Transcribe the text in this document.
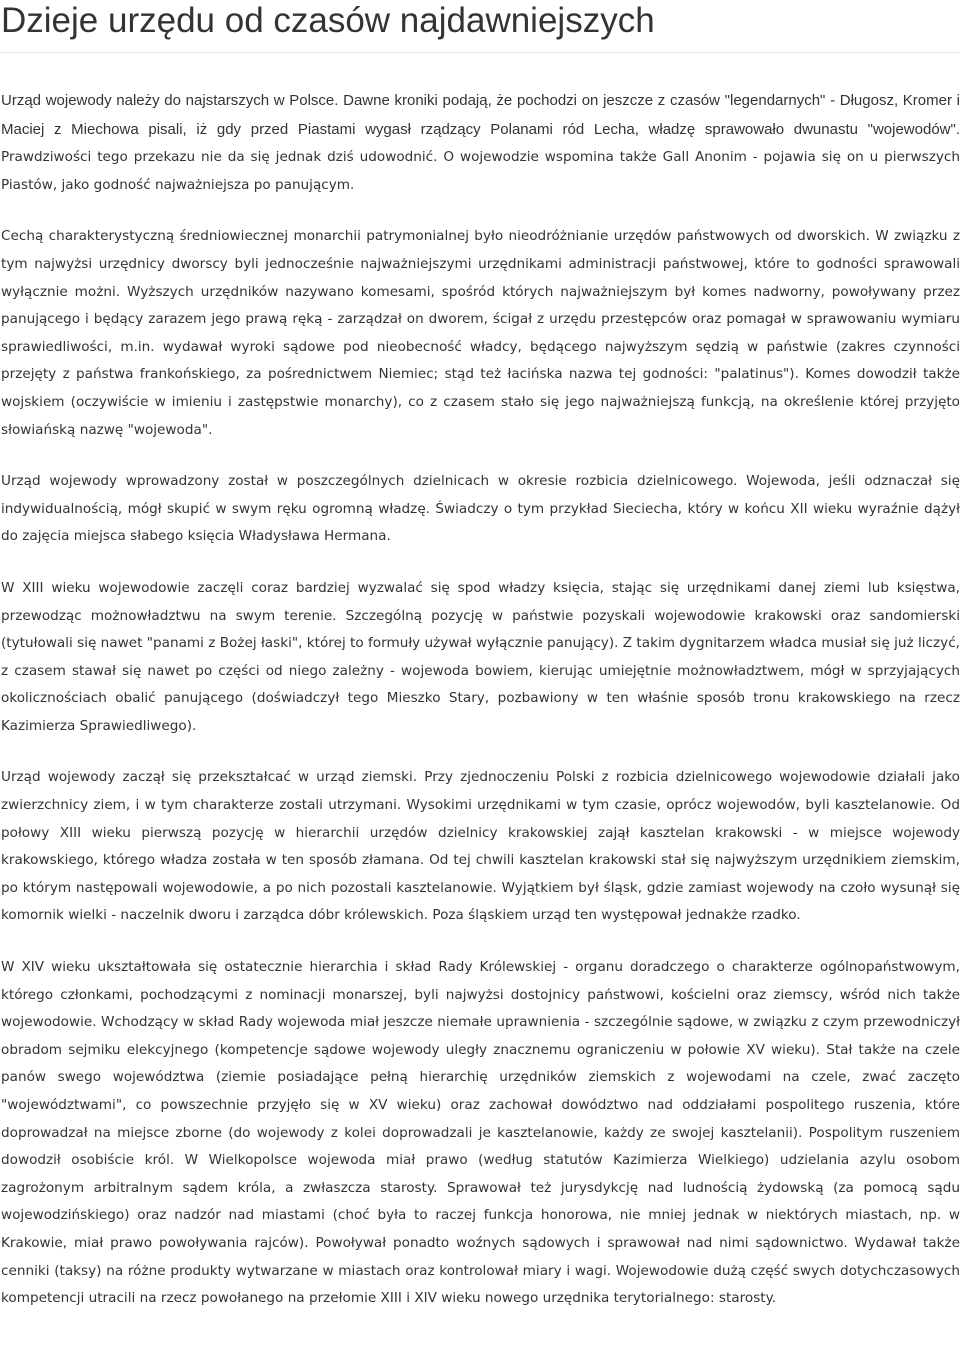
Dzieje urzędu od czasów najdawniejszych

Urząd wojewody należy do najstarszych w Polsce. Dawne kroniki podają, że pochodzi on jeszcze z czasów "legendarnych" - Długosz, Kromer i Maciej z Miechowa pisali, iż gdy przed Piastami wygasł rządzący Polanami ród Lecha, władzę sprawowało dwunastu "wojewodów". Prawdziwości tego przekazu nie da się jednak dziś udowodnić. O wojewodzie wspomina także Gall Anonim - pojawia się on u pierwszych Piastów, jako godność najważniejsza po panującym.

Cechą charakterystyczną średniowiecznej monarchii patrymonialnej było nieodróżnianie urzędów państwowych od dworskich. W związku z tym najwyżsi urzędnicy dworscy byli jednocześnie najważniejszymi urzędnikami administracji państwowej, które to godności sprawowali wyłącznie możni. Wyższych urzędników nazywano komesami, spośród których najważniejszym był komes nadworny, powoływany przez panującego i będący zarazem jego prawą ręką - zarządzał on dworem, ścigał z urzędu przestępców oraz pomagał w sprawowaniu wymiaru sprawiedliwości, m.in. wydawał wyroki sądowe pod nieobecność władcy, będącego najwyższym sędzią w państwie (zakres czynności przejęty z państwa frankońskiego, za pośrednictwem Niemiec; stąd też łacińska nazwa tej godności: "palatinus"). Komes dowodził także wojskiem (oczywiście w imieniu i zastępstwie monarchy), co z czasem stało się jego najważniejszą funkcją, na określenie której przyjęto słowiańską nazwę "wojewoda".

Urząd wojewody wprowadzony został w poszczególnych dzielnicach w okresie rozbicia dzielnicowego. Wojewoda, jeśli odznaczał się indywidualnością, mógł skupić w swym ręku ogromną władzę. Świadczy o tym przykład Sieciecha, który w końcu XII wieku wyraźnie dążył do zajęcia miejsca słabego księcia Władysława Hermana.

W XIII wieku wojewodowie zaczęli coraz bardziej wyzwalać się spod władzy księcia, stając się urzędnikami danej ziemi lub księstwa, przewodząc możnowładztwu na swym terenie. Szczególną pozycję w państwie pozyskali wojewodowie krakowski oraz sandomierski (tytułowali się nawet "panami z Bożej łaski", której to formuły używał wyłącznie panujący). Z takim dygnitarzem władca musiał się już liczyć, z czasem stawał się nawet po części od niego zależny - wojewoda bowiem, kierując umiejętnie możnowładztwem, mógł w sprzyjających okolicznościach obalić panującego (doświadczył tego Mieszko Stary, pozbawiony w ten właśnie sposób tronu krakowskiego na rzecz Kazimierza Sprawiedliwego).

Urząd wojewody zaczął się przekształcać w urząd ziemski. Przy zjednoczeniu Polski z rozbicia dzielnicowego wojewodowie działali jako zwierzchnicy ziem, i w tym charakterze zostali utrzymani. Wysokimi urzędnikami w tym czasie, oprócz wojewodów, byli kasztelanowie. Od połowy XIII wieku pierwszą pozycję w hierarchii urzędów dzielnicy krakowskiej zajął kasztelan krakowski - w miejsce wojewody krakowskiego, którego władza została w ten sposób złamana. Od tej chwili kasztelan krakowski stał się najwyższym urzędnikiem ziemskim, po którym następowali wojewodowie, a po nich pozostali kasztelanowie. Wyjątkiem był śląsk, gdzie zamiast wojewody na czoło wysunął się komornik wielki - naczelnik dworu i zarządca dóbr królewskich. Poza śląskiem urząd ten występował jednakże rzadko.

W XIV wieku ukształtowała się ostatecznie hierarchia i skład Rady Królewskiej - organu doradczego o charakterze ogólnopaństwowym, którego członkami, pochodzącymi z nominacji monarszej, byli najwyżsi dostojnicy państwowi, kościelni oraz ziemscy, wśród nich także wojewodowie. Wchodzący w skład Rady wojewoda miał jeszcze niemałe uprawnienia - szczególnie sądowe, w związku z czym przewodniczył obradom sejmiku elekcyjnego (kompetencje sądowe wojewody uległy znacznemu ograniczeniu w połowie XV wieku). Stał także na czele panów swego województwa (ziemie posiadające pełną hierarchię urzędników ziemskich z wojewodami na czele, zwać zaczęto "województwami", co powszechnie przyjęło się w XV wieku) oraz zachował dowództwo nad oddziałami pospolitego ruszenia, które doprowadzał na miejsce zborne (do wojewody z kolei doprowadzali je kasztelanowie, każdy ze swojej kasztelanii). Pospolitym ruszeniem dowodził osobiście król. W Wielkopolsce wojewoda miał prawo (według statutów Kazimierza Wielkiego) udzielania azylu osobom zagrożonym arbitralnym sądem króla, a zwłaszcza starosty. Sprawował też jurysdykcję nad ludnością żydowską (za pomocą sądu wojewodzińskiego) oraz nadzór nad miastami (choć była to raczej funkcja honorowa, nie mniej jednak w niektórych miastach, np. w Krakowie, miał prawo powoływania rajców). Powoływał ponadto woźnych sądowych i sprawował nad nimi sądownictwo. Wydawał także cenniki (taksy) na różne produkty wytwarzane w miastach oraz kontrolował miary i wagi. Wojewodowie dużą część swych dotychczasowych kompetencji utracili na rzecz powołanego na przełomie XIII i XIV wieku nowego urzędnika terytorialnego: starosty.
